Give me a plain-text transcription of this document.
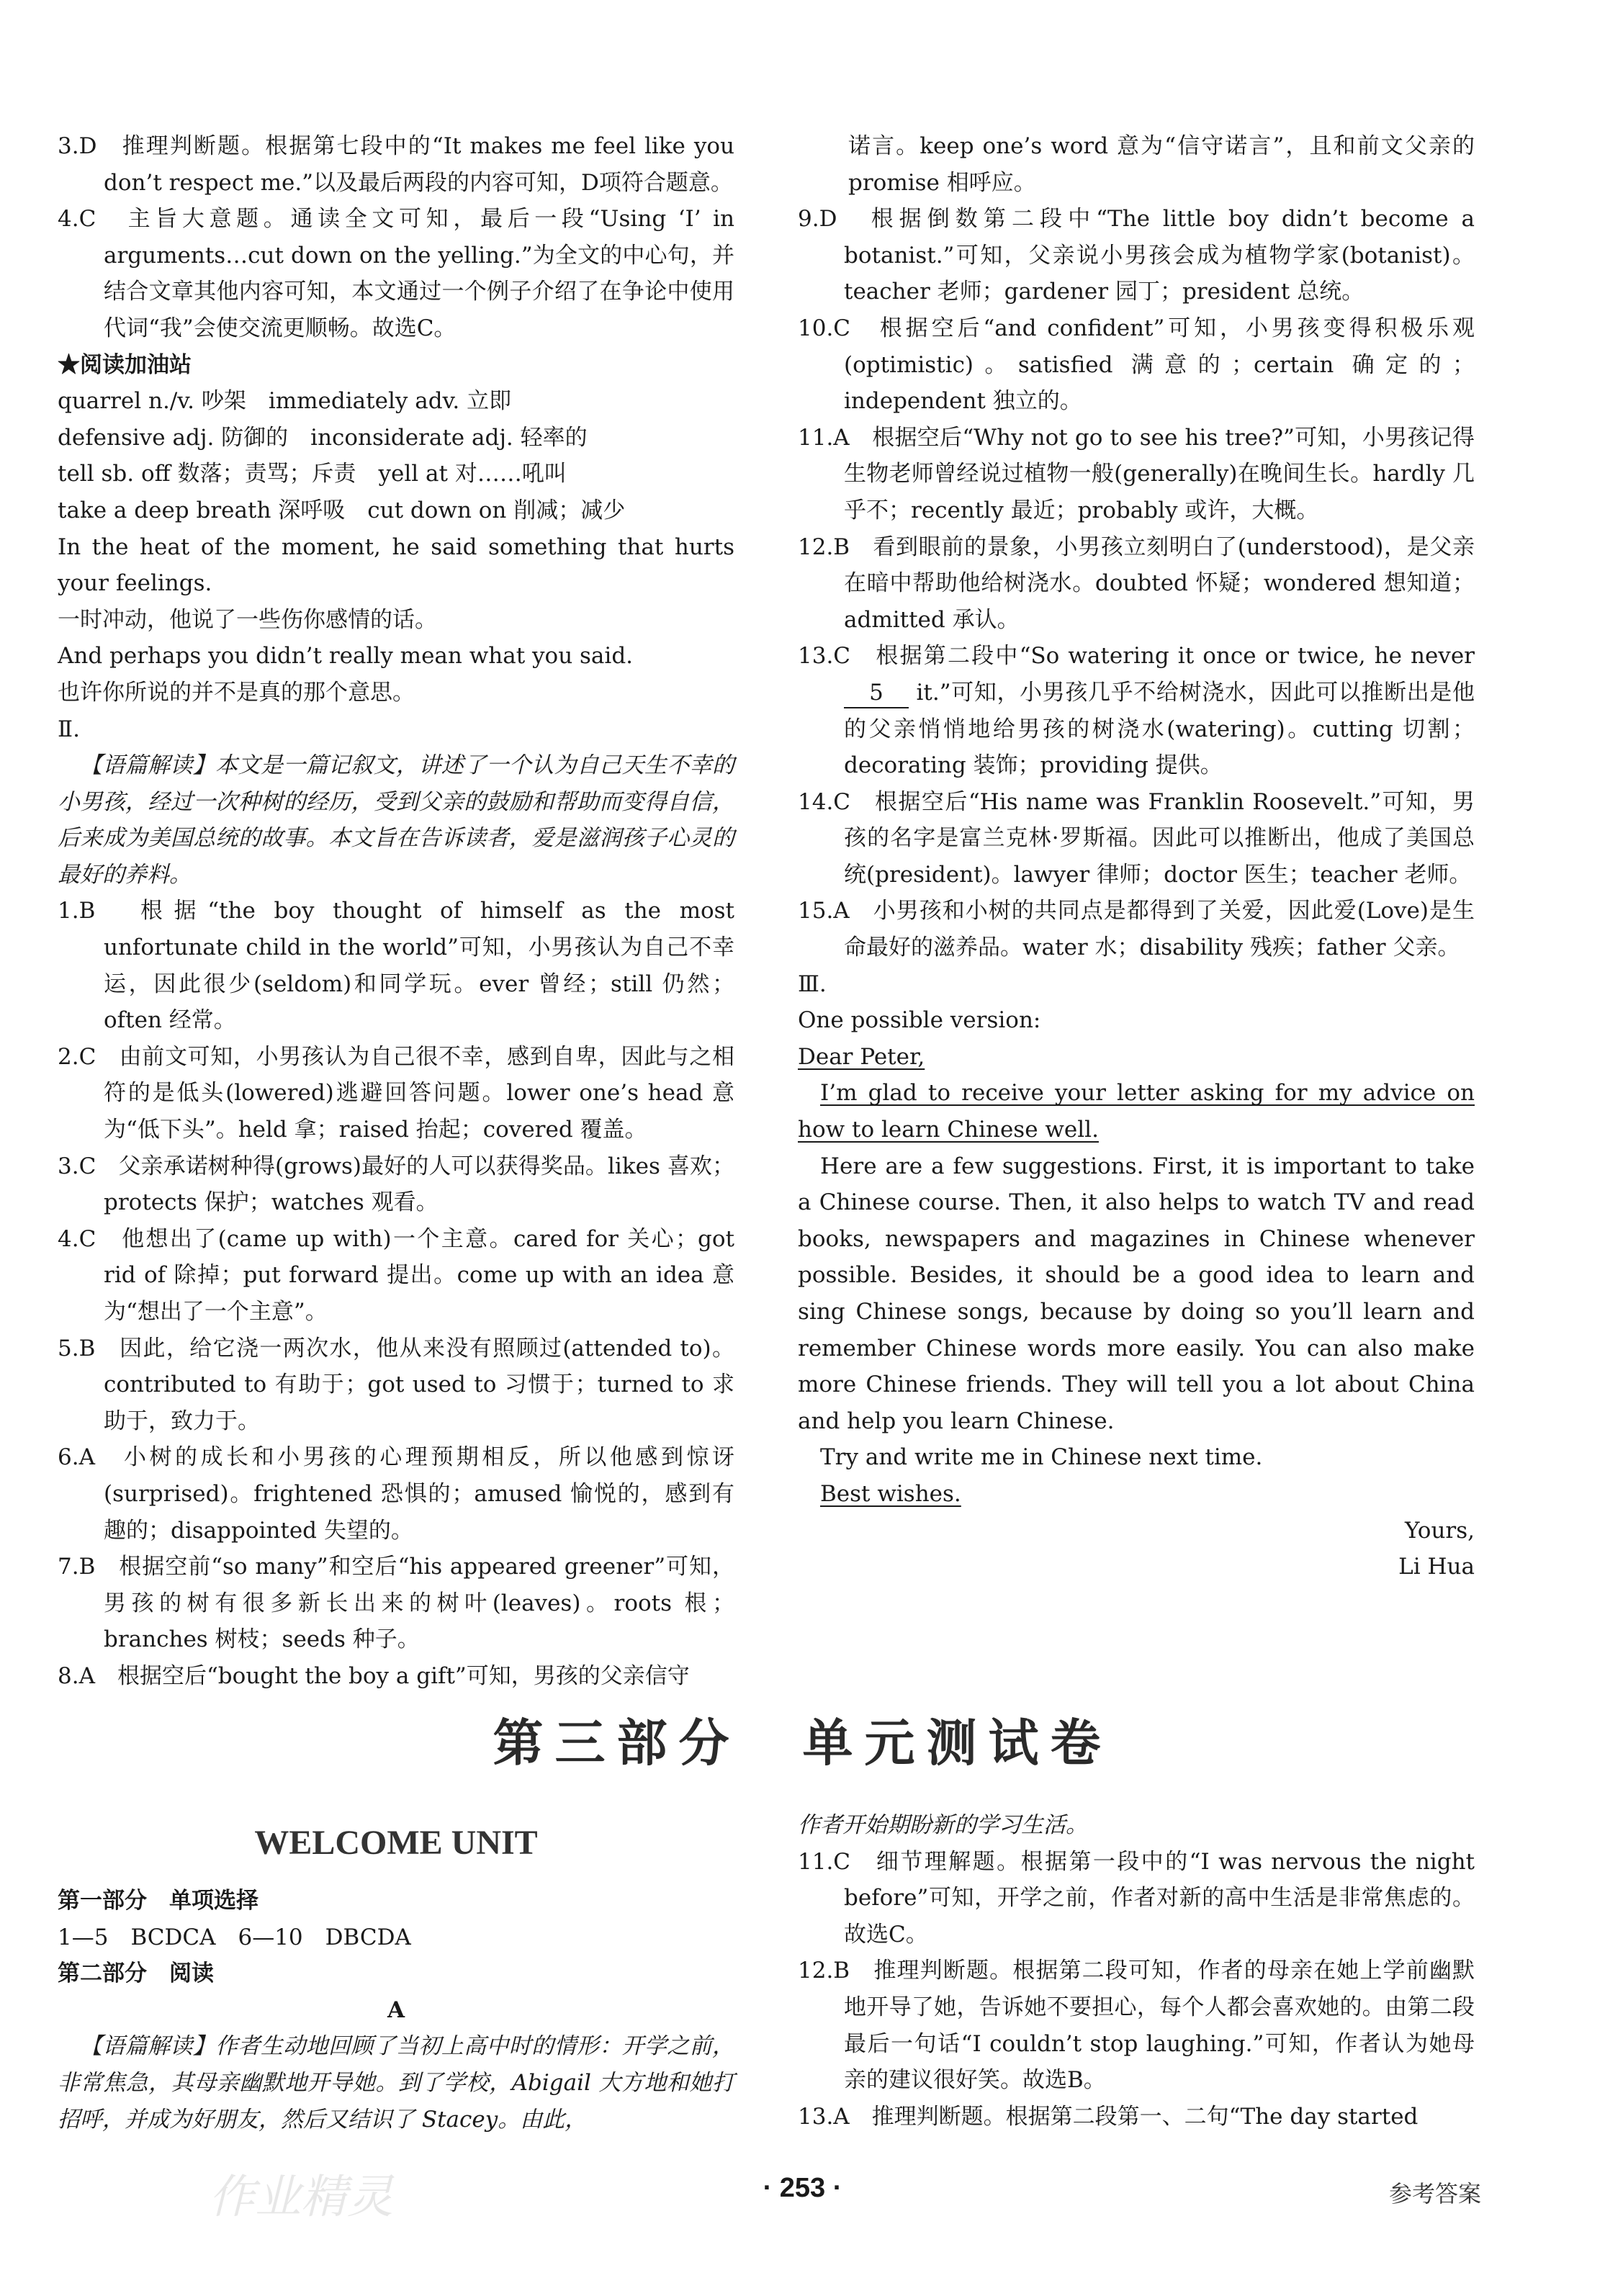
3.D　推理判断题。根据第七段中的“It makes me feel like you don’t respect me.”以及最后两段的内容可知，D项符合题意。

4.C　主旨大意题。通读全文可知，最后一段“Using ‘I’ in arguments…cut down on the yelling.”为全文的中心句，并结合文章其他内容可知，本文通过一个例子介绍了在争论中使用代词“我”会使交流更顺畅。故选C。

★阅读加油站

quarrel n./v. 吵架　immediately adv. 立即

defensive adj. 防御的　inconsiderate adj. 轻率的

tell sb. off 数落；责骂；斥责　yell at 对……吼叫

take a deep breath 深呼吸　cut down on 削减；减少

In the heat of the moment, he said something that hurts your feelings.

一时冲动，他说了一些伤你感情的话。

And perhaps you didn’t really mean what you said.

也许你所说的并不是真的那个意思。

Ⅱ.

【语篇解读】本文是一篇记叙文，讲述了一个认为自己天生不幸的小男孩，经过一次种树的经历，受到父亲的鼓励和帮助而变得自信，后来成为美国总统的故事。本文旨在告诉读者，爱是滋润孩子心灵的最好的养料。

1.B　根据“the boy thought of himself as the most unfortunate child in the world”可知，小男孩认为自己不幸运，因此很少(seldom)和同学玩。ever 曾经；still 仍然；often 经常。

2.C　由前文可知，小男孩认为自己很不幸，感到自卑，因此与之相符的是低头(lowered)逃避回答问题。lower one’s head 意为“低下头”。held 拿；raised 抬起；covered 覆盖。

3.C　父亲承诺树种得(grows)最好的人可以获得奖品。likes 喜欢；protects 保护；watches 观看。

4.C　他想出了(came up with)一个主意。cared for 关心；got rid of 除掉；put forward 提出。come up with an idea 意为“想出了一个主意”。

5.B　因此，给它浇一两次水，他从来没有照顾过(attended to)。contributed to 有助于；got used to 习惯于；turned to 求助于，致力于。

6.A　小树的成长和小男孩的心理预期相反，所以他感到惊讶(surprised)。frightened 恐惧的；amused 愉悦的，感到有趣的；disappointed 失望的。

7.B　根据空前“so many”和空后“his appeared greener”可知，男孩的树有很多新长出来的树叶(leaves)。roots 根；branches 树枝；seeds 种子。

8.A　根据空后“bought the boy a gift”可知，男孩的父亲信守

诺言。keep one’s word 意为“信守诺言”，且和前文父亲的 promise 相呼应。

9.D　根据倒数第二段中“The little boy didn’t become a botanist.”可知，父亲说小男孩会成为植物学家(botanist)。teacher 老师；gardener 园丁；president 总统。

10.C　根据空后“and confident”可知，小男孩变得积极乐观(optimistic)。satisfied 满意的；certain 确定的；independent 独立的。

11.A　根据空后“Why not go to see his tree?”可知，小男孩记得生物老师曾经说过植物一般(generally)在晚间生长。hardly 几乎不；recently 最近；probably 或许，大概。

12.B　看到眼前的景象，小男孩立刻明白了(understood)，是父亲在暗中帮助他给树浇水。doubted 怀疑；wondered 想知道；admitted 承认。

13.C　根据第二段中“So watering it once or twice, he never 5 it.”可知，小男孩几乎不给树浇水，因此可以推断出是他的父亲悄悄地给男孩的树浇水(watering)。cutting 切割；decorating 装饰；providing 提供。

14.C　根据空后“His name was Franklin Roosevelt.”可知，男孩的名字是富兰克林·罗斯福。因此可以推断出，他成了美国总统(president)。lawyer 律师；doctor 医生；teacher 老师。

15.A　小男孩和小树的共同点是都得到了关爱，因此爱(Love)是生命最好的滋养品。water 水；disability 残疾；father 父亲。

Ⅲ.

One possible version:

Dear Peter,

I’m glad to receive your letter asking for my advice on how to learn Chinese well.

Here are a few suggestions. First, it is important to take a Chinese course. Then, it also helps to watch TV and read books, newspapers and magazines in Chinese whenever possible. Besides, it should be a good idea to learn and sing Chinese songs, because by doing so you’ll learn and remember Chinese words more easily. You can also make more Chinese friends. They will tell you a lot about China and help you learn Chinese.

Try and write me in Chinese next time.

Best wishes.

Yours,

Li Hua

第三部分　单元测试卷
WELCOME UNIT

第一部分　单项选择

1—5　BCDCA　6—10　DBCDA

第二部分　阅读

A

【语篇解读】作者生动地回顾了当初上高中时的情形：开学之前，非常焦急，其母亲幽默地开导她。到了学校，Abigail 大方地和她打招呼，并成为好朋友，然后又结识了 Stacey。由此，

作者开始期盼新的学习生活。

11.C　细节理解题。根据第一段中的“I was nervous the night before”可知，开学之前，作者对新的高中生活是非常焦虑的。故选C。

12.B　推理判断题。根据第二段可知，作者的母亲在她上学前幽默地开导了她，告诉她不要担心，每个人都会喜欢她的。由第二段最后一句话“I couldn’t stop laughing.”可知，作者认为她母亲的建议很好笑。故选B。

13.A　推理判断题。根据第二段第一、二句“The day started

作业精灵	· 253 ·	参考答案
